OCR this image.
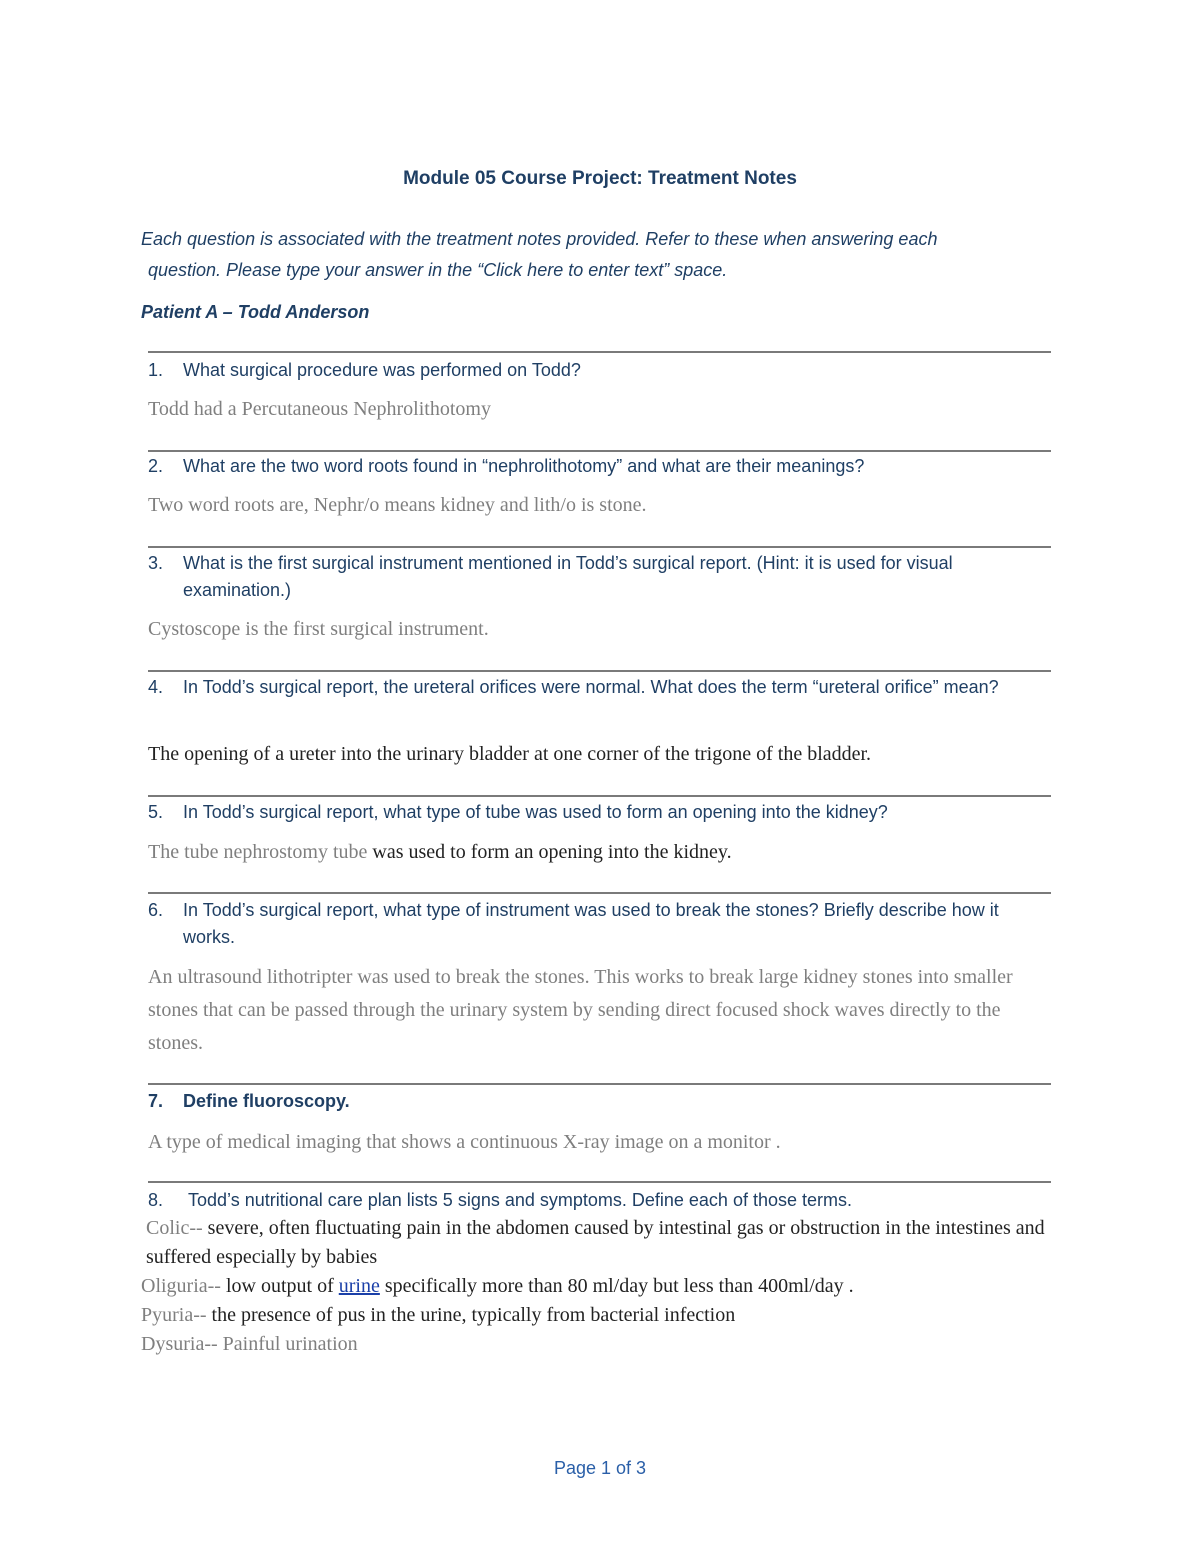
Module 05 Course Project: Treatment Notes
Each question is associated with the treatment notes provided. Refer to these when answering each
question. Please type your answer in the “Click here to enter text” space.
Patient A – Todd Anderson
1. What surgical procedure was performed on Todd?
Todd had a Percutaneous Nephrolithotomy
2. What are the two word roots found in “nephrolithotomy” and what are their meanings?
Two word roots are, Nephr/o means kidney and lith/o is stone.
3. What is the first surgical instrument mentioned in Todd’s surgical report. (Hint: it is used for visual examination.)
Cystoscope is the first surgical instrument.
4. In Todd’s surgical report, the ureteral orifices were normal. What does the term “ureteral orifice” mean?
The opening of a ureter into the urinary bladder at one corner of the trigone of the bladder.
5. In Todd’s surgical report, what type of tube was used to form an opening into the kidney?
The tube nephrostomy tube was used to form an opening into the kidney.
6. In Todd’s surgical report, what type of instrument was used to break the stones? Briefly describe how it works.
An ultrasound lithotripter was used to break the stones. This works to break large kidney stones into smaller stones that can be passed through the urinary system by sending direct focused shock waves directly to the stones.
7. Define fluoroscopy.
A type of medical imaging that shows a continuous X-ray image on a monitor .
8. Todd’s nutritional care plan lists 5 signs and symptoms. Define each of those terms.
Colic-- severe, often fluctuating pain in the abdomen caused by intestinal gas or obstruction in the intestines and suffered especially by babies
Oliguria-- low output of urine specifically more than 80 ml/day but less than 400ml/day .
Pyuria-- the presence of pus in the urine, typically from bacterial infection
Dysuria-- Painful urination
Page 1 of 3
